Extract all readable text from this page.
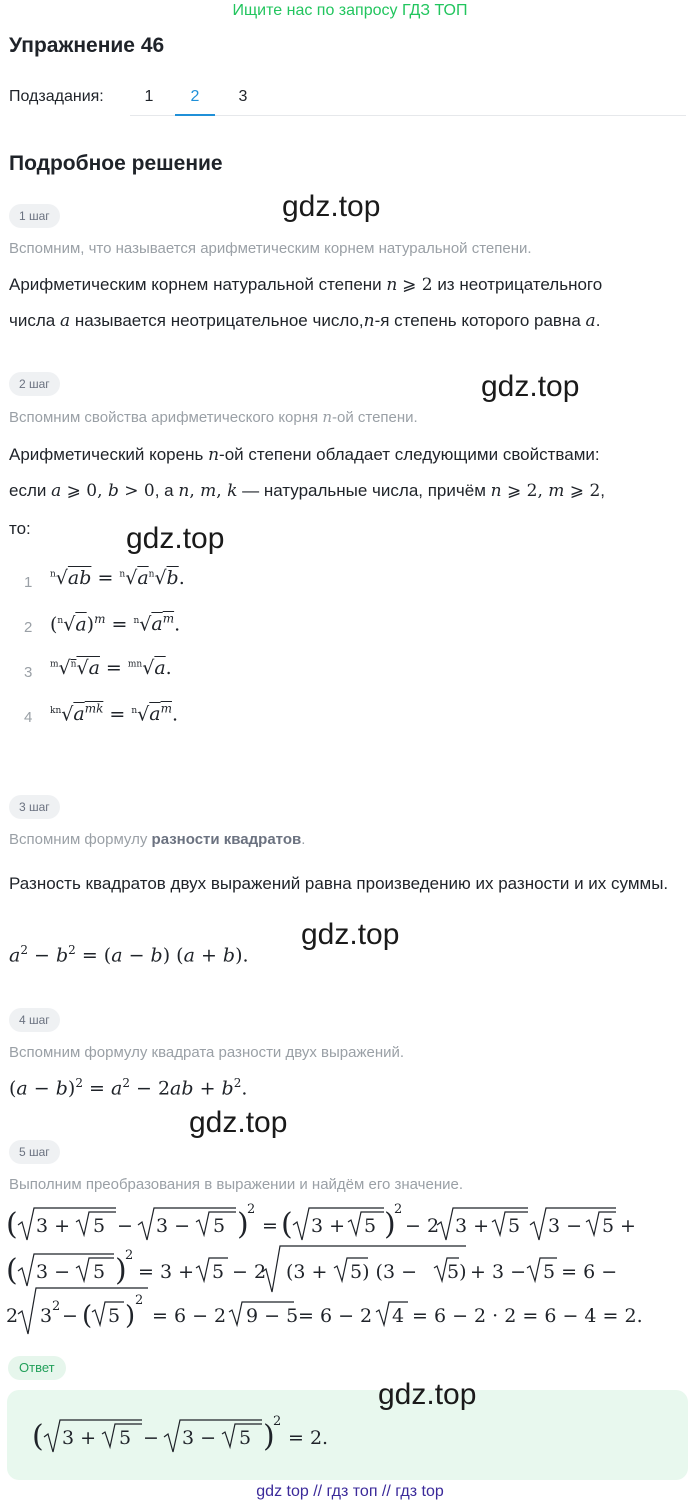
Ищите нас по запросу ГДЗ ТОП
Упражнение 46
Подзадания:	1	2	3
Подробное решение
1 шаг
Вспомним, что называется арифметическим корнем натуральной степени.
Арифметическим корнем натуральной степени n ⩾ 2 из неотрицательного
числа a называется неотрицательное число,n-я степень которого равна a.
2 шаг
Вспомним свойства арифметического корня n-ой степени.
Арифметический корень n-ой степени обладает следующими свойствами:
если a ⩾ 0, b > 0, а n, m, k — натуральные числа, причём n ⩾ 2, m ⩾ 2,
то:
1 $^n√ab = ^n√a^n√b$.
2 $(^n√a)^m = ^n√a^m$.
3 $^m$√$^n$√a = $^{mn}$√a.
4 $^{kn}√a^{mk} = ^n√a^m$.
3 шаг
Вспомним формулу разности квадратов.
Разность квадратов двух выражений равна произведению их разности и их суммы.
$a^2 - b^2 = (a - b) (a + b)$.
4 шаг
Вспомним формулу квадрата разности двух выражений.
$(a - b)^2 = a^2 - 2ab + b^2$.
5 шаг
Выполним преобразования в выражении и найдём его значение.
( 3 + 5 − 3 − 5 )
2
= ( 3 + 5 )
2
− 2 3 + 5 3 − 5 +
( 3 − 5 )
2
= 3 + 5 − 2 (3 + 5) (3 − 5) + 3 − 5 = 6 −
2 3 2 − ( 5 )
2
= 6 − 2 9 − 5 = 6 − 2 4 = 6 − 2 · 2 = 6 − 4 = 2.
Ответ
( 3 + 5 − 3 − 5 )
2
= 2.
gdz.top
gdz.top
gdz.top
gdz.top
gdz.top
gdz.top
gdz top // гдз топ // гдз top
